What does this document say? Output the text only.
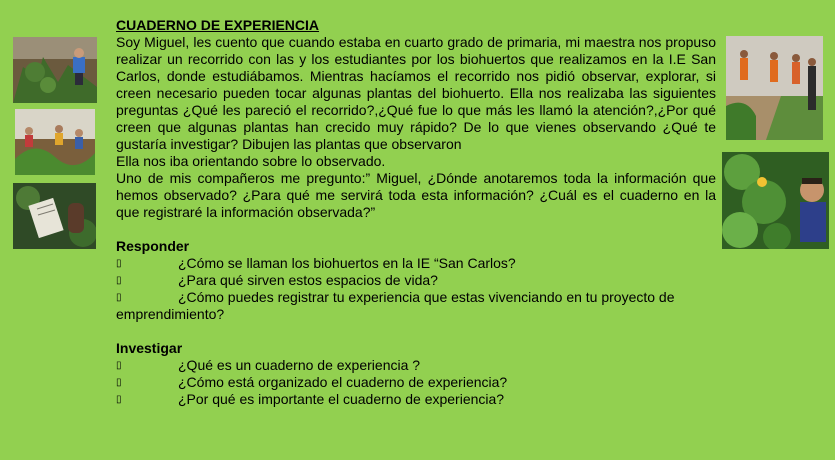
CUADERNO DE EXPERIENCIA

Soy Miguel, les cuento que cuando estaba en cuarto grado de primaria, mi maestra nos propuso realizar un recorrido con las y los estudiantes por los biohuertos que realizamos en la I.E San Carlos, donde estudiábamos. Mientras hacíamos el recorrido nos pidió observar, explorar, si creen necesario pueden tocar algunas plantas del biohuerto. Ella nos realizaba las siguientes preguntas ¿Qué les pareció el recorrido?,¿Qué fue lo que más les llamó la atención?,¿Por qué creen que algunas plantas han crecido muy rápido? De lo que vienes observando ¿Qué te gustaría investigar? Dibujen las plantas que observaron

Ella nos iba orientando sobre lo observado.

Uno de mis compañeros me pregunto:” Miguel, ¿Dónde anotaremos toda la información que hemos observado? ¿Para qué me servirá toda esta información? ¿Cuál es el cuaderno en la que registraré la información observada?”

Responder

▯	¿Cómo se llaman los biohuertos en la IE “San Carlos?
▯	¿Para qué sirven estos espacios de vida?
▯	¿Cómo puedes registrar tu experiencia que estas vivenciando en tu proyecto de

emprendimiento?

Investigar

▯	¿Qué es un cuaderno de experiencia ?
▯	¿Cómo está organizado el cuaderno de experiencia?
▯	¿Por qué es importante el cuaderno de experiencia?
